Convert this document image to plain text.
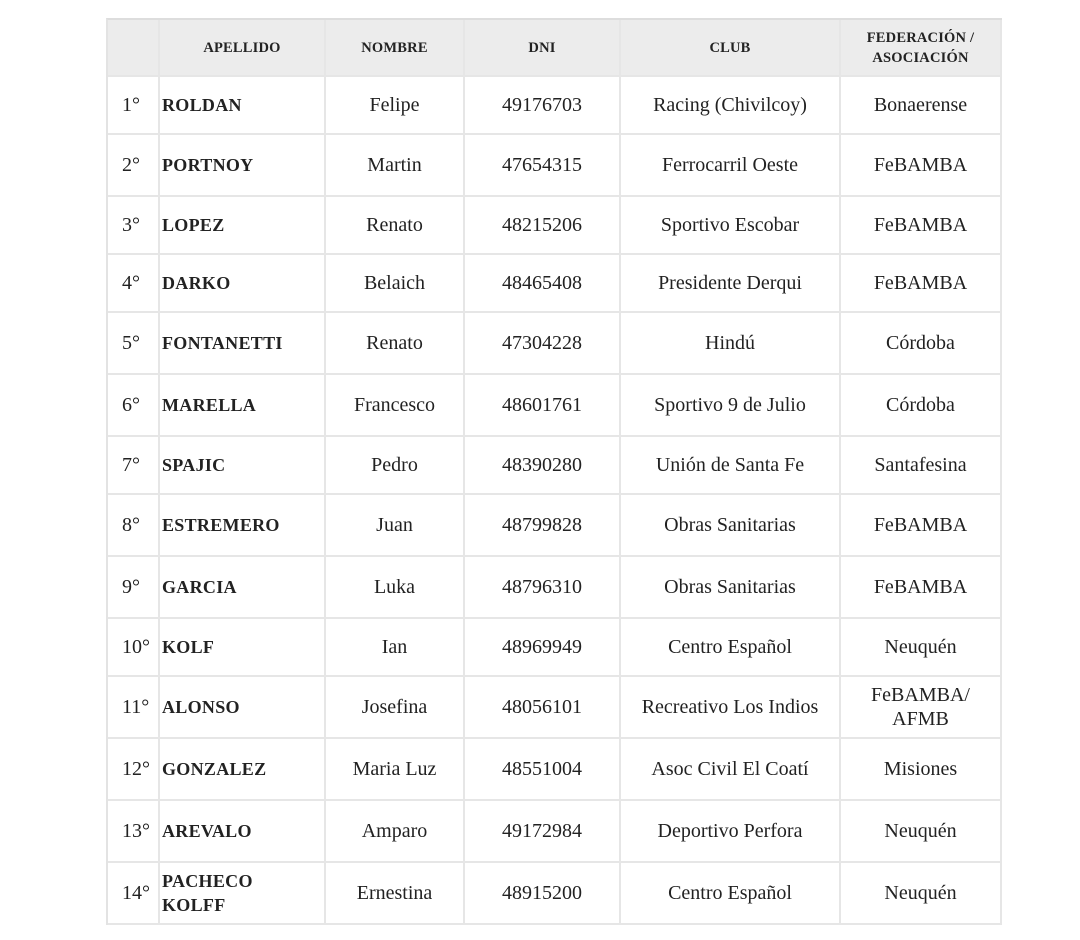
	APELLIDO	NOMBRE	DNI	CLUB	FEDERACIÓN /
ASOCIACIÓN
1°	ROLDAN	Felipe	49176703	Racing (Chivilcoy)	Bonaerense
2°	PORTNOY	Martin	47654315	Ferrocarril Oeste	FeBAMBA
3°	LOPEZ	Renato	48215206	Sportivo Escobar	FeBAMBA
4°	DARKO	Belaich	48465408	Presidente Derqui	FeBAMBA
5°	FONTANETTI	Renato	47304228	Hindú	Córdoba
6°	MARELLA	Francesco	48601761	Sportivo 9 de Julio	Córdoba
7°	SPAJIC	Pedro	48390280	Unión de Santa Fe	Santafesina
8°	ESTREMERO	Juan	48799828	Obras Sanitarias	FeBAMBA
9°	GARCIA	Luka	48796310	Obras Sanitarias	FeBAMBA
10°	KOLF	Ian	48969949	Centro Español	Neuquén
11°	ALONSO	Josefina	48056101	Recreativo Los Indios	FeBAMBA/
AFMB
12°	GONZALEZ	Maria Luz	48551004	Asoc Civil El Coatí	Misiones
13°	AREVALO	Amparo	49172984	Deportivo Perfora	Neuquén
14°	PACHECO
KOLFF	Ernestina	48915200	Centro Español	Neuquén
